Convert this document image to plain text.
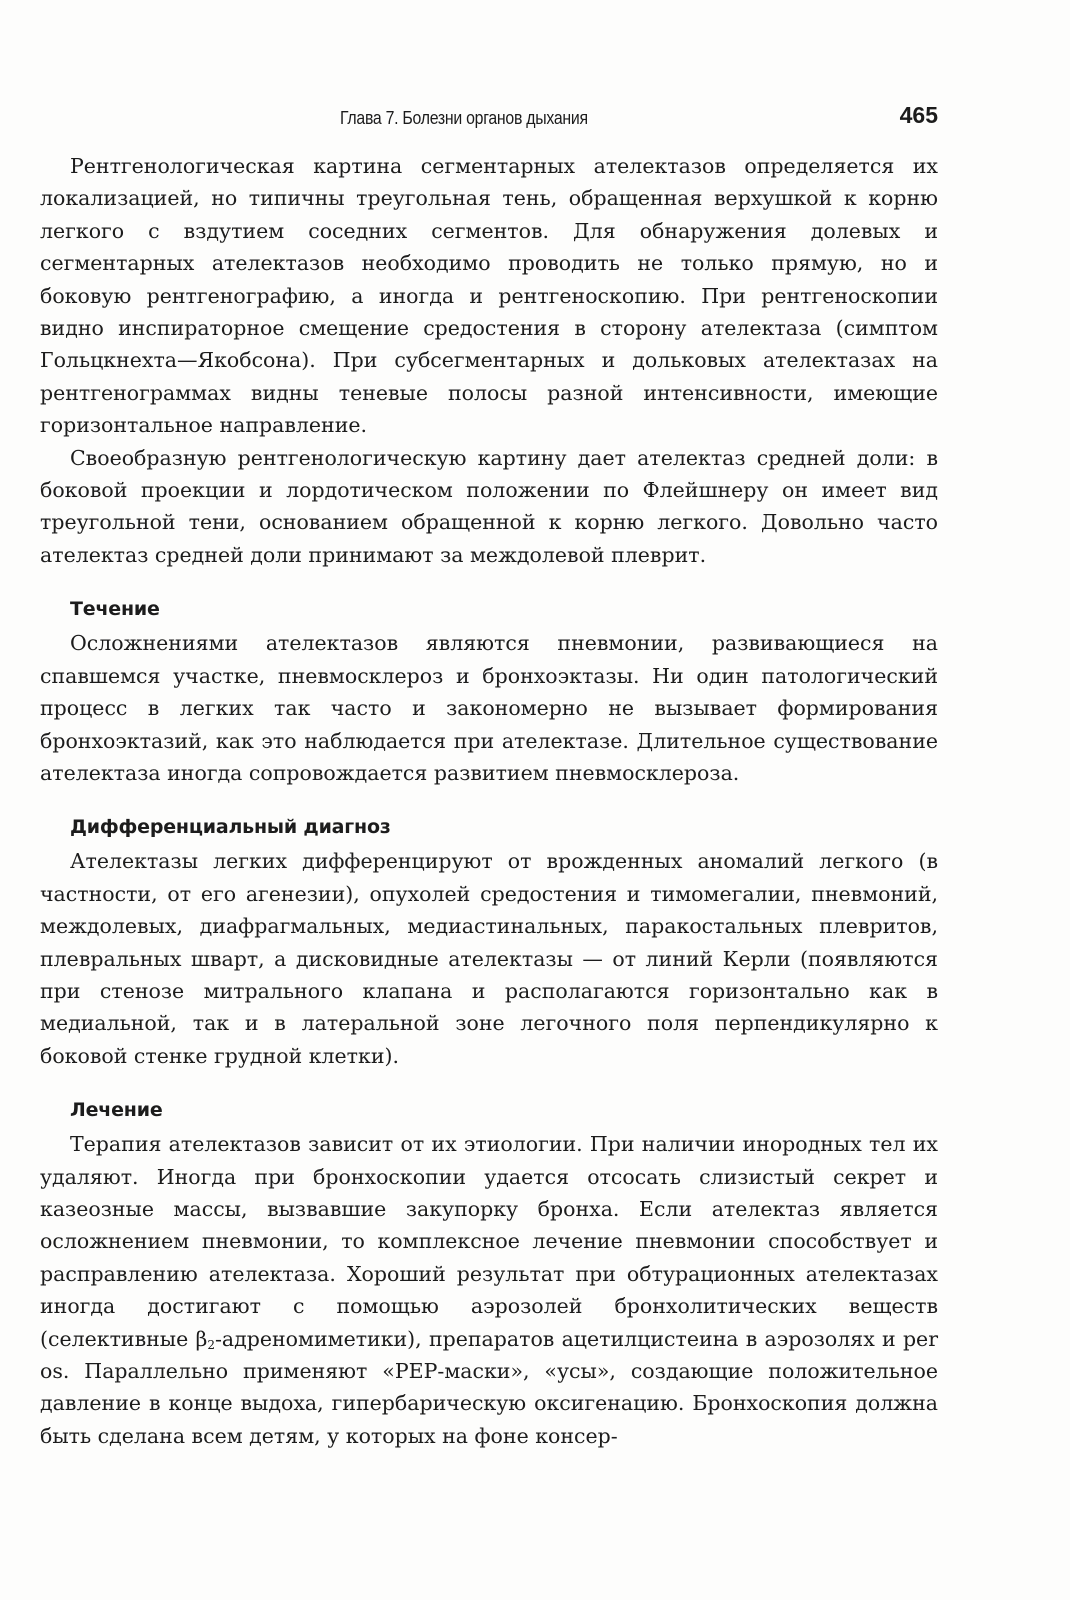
Глава 7. Болезни органов дыхания	465

Рентгенологическая картина сегментарных ателектазов определяется их локализацией, но типичны треугольная тень, обращенная верхушкой к корню легкого с вздутием соседних сегментов. Для обнаружения долевых и сегментарных ателектазов необходимо проводить не только прямую, но и боковую рентгенографию, а иногда и рентгеноскопию. При рентгеноскопии видно инспираторное смещение средостения в сторону ателектаза (симптом Гольцкнехта—Якобсона). При субсегментарных и дольковых ателектазах на рентгенограммах видны теневые полосы разной интенсивности, имеющие горизонтальное направление.

Своеобразную рентгенологическую картину дает ателектаз средней доли: в боковой проекции и лордотическом положении по Флейшнеру он имеет вид треугольной тени, основанием обращенной к корню легкого. Довольно часто ателектаз средней доли принимают за междолевой плеврит.

Течение

Осложнениями ателектазов являются пневмонии, развивающиеся на спавшемся участке, пневмосклероз и бронхоэктазы. Ни один патологический процесс в легких так часто и закономерно не вызывает формирования бронхоэктазий, как это наблюдается при ателектазе. Длительное существование ателектаза иногда сопровождается развитием пневмосклероза.

Дифференциальный диагноз

Ателектазы легких дифференцируют от врожденных аномалий легкого (в частности, от его агенезии), опухолей средостения и тимомегалии, пневмоний, междолевых, диафрагмальных, медиастинальных, паракостальных плевритов, плевральных шварт, а дисковидные ателектазы — от линий Керли (появляются при стенозе митрального клапана и располагаются горизонтально как в медиальной, так и в латеральной зоне легочного поля перпендикулярно к боковой стенке грудной клетки).

Лечение

Терапия ателектазов зависит от их этиологии. При наличии инородных тел их удаляют. Иногда при бронхоскопии удается отсосать слизистый секрет и казеозные массы, вызвавшие закупорку бронха. Если ателектаз является осложнением пневмонии, то комплексное лечение пневмонии способствует и расправлению ателектаза. Хороший результат при обтурационных ателектазах иногда достигают с помощью аэрозолей бронхолитических веществ (селективные $\beta_2-адреномиметики$), препаратов ацетилцистеина в аэрозолях и per os. Параллельно применяют «РЕР-маски», «усы», создающие положительное давление в конце выдоха, гипербарическую оксигенацию. Бронхоскопия должна быть сделана всем детям, у которых на фоне консер-
